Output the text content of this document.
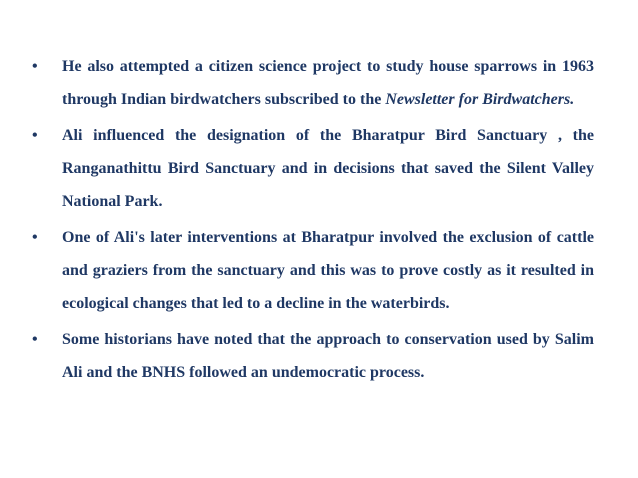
• He also attempted a citizen science project to study house sparrows in 1963 through Indian birdwatchers subscribed to the Newsletter for Birdwatchers.
• Ali influenced the designation of the Bharatpur Bird Sanctuary , the Ranganathittu Bird Sanctuary and in decisions that saved the Silent Valley National Park.
• One of Ali's later interventions at Bharatpur involved the exclusion of cattle and graziers from the sanctuary and this was to prove costly as it resulted in ecological changes that led to a decline in the waterbirds.
• Some historians have noted that the approach to conservation used by Salim Ali and the BNHS followed an undemocratic process.
